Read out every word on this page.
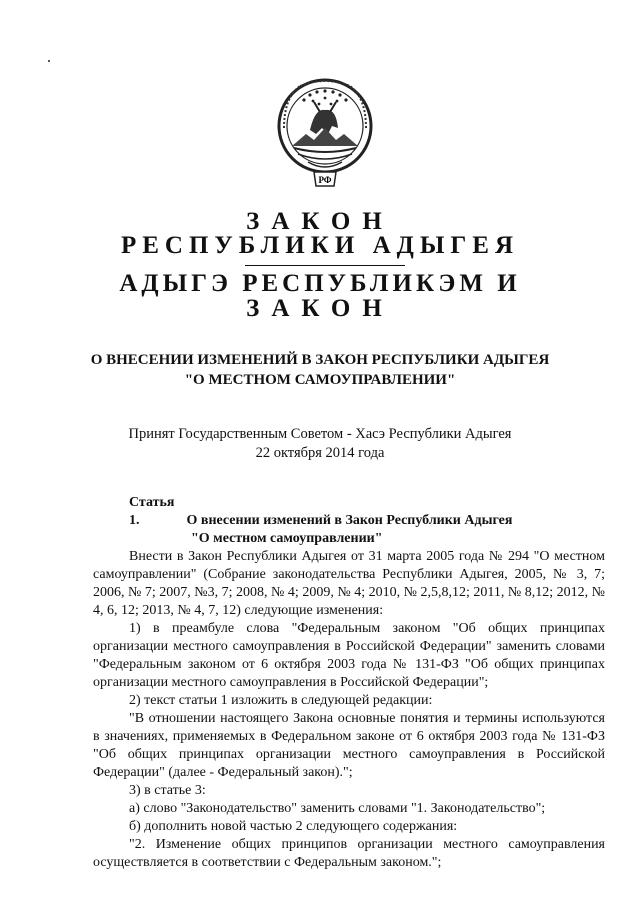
РФ
ЗАКОН
РЕСПУБЛИКИ АДЫГЕЯ
АДЫГЭ РЕСПУБЛИКЭМ И
ЗАКОН
О ВНЕСЕНИИ ИЗМЕНЕНИЙ В ЗАКОН РЕСПУБЛИКИ АДЫГЕЯ
"О МЕСТНОМ САМОУПРАВЛЕНИИ"
Принят Государственным Советом - Хасэ Республики Адыгея
22 октября 2014 года
Статья 1.	О внесении изменений в Закон Республики Адыгея
"О местном самоуправлении"
Внести в Закон Республики Адыгея от 31 марта 2005 года № 294 "О местном самоуправлении" (Собрание законодательства Республики Адыгея, 2005, № 3, 7; 2006, № 7; 2007, №3, 7; 2008, № 4; 2009, № 4; 2010, № 2,5,8,12; 2011, № 8,12; 2012, № 4, 6, 12; 2013, № 4, 7, 12) следующие изменения:
1) в преамбуле слова "Федеральным законом "Об общих принципах организации местного самоуправления в Российской Федерации" заменить словами "Федеральным законом от 6 октября 2003 года № 131-ФЗ "Об общих принципах организации местного самоуправления в Российской Федерации";
2) текст статьи 1 изложить в следующей редакции:
"В отношении настоящего Закона основные понятия и термины используются в значениях, применяемых в Федеральном законе от 6 октября 2003 года № 131-ФЗ "Об общих принципах организации местного самоуправления в Российской Федерации" (далее - Федеральный закон).";
3) в статье 3:
а) слово "Законодательство" заменить словами "1. Законодательство";
б) дополнить новой частью 2 следующего содержания:
"2. Изменение общих принципов организации местного самоуправления осуществляется в соответствии с Федеральным законом.";
